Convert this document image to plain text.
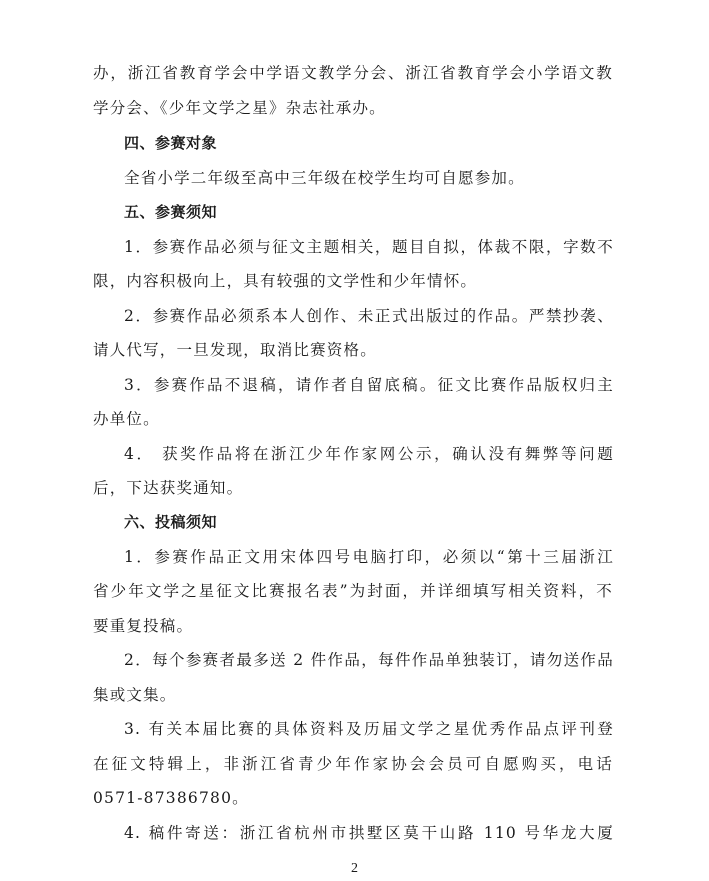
办，浙江省教育学会中学语文教学分会、浙江省教育学会小学语文教
学分会、《少年文学之星》杂志社承办。
四、参赛对象
全省小学二年级至高中三年级在校学生均可自愿参加。
五、参赛须知
1．参赛作品必须与征文主题相关，题目自拟，体裁不限，字数不
限，内容积极向上，具有较强的文学性和少年情怀。
2．参赛作品必须系本人创作、未正式出版过的作品。严禁抄袭、
请人代写，一旦发现，取消比赛资格。
3．参赛作品不退稿，请作者自留底稿。征文比赛作品版权归主
办单位。
4． 获奖作品将在浙江少年作家网公示，确认没有舞弊等问题
后，下达获奖通知。
六、投稿须知
1．参赛作品正文用宋体四号电脑打印，必须以“第十三届浙江
省少年文学之星征文比赛报名表”为封面，并详细填写相关资料，不
要重复投稿。
2．每个参赛者最多送 2 件作品，每件作品单独装订，请勿送作品
集或文集。
3. 有关本届比赛的具体资料及历届文学之星优秀作品点评刊登
在征文特辑上，非浙江省青少年作家协会会员可自愿购买，电话
0571-87386780。
4. 稿件寄送：浙江省杭州市拱墅区莫干山路 110 号华龙大厦
2
